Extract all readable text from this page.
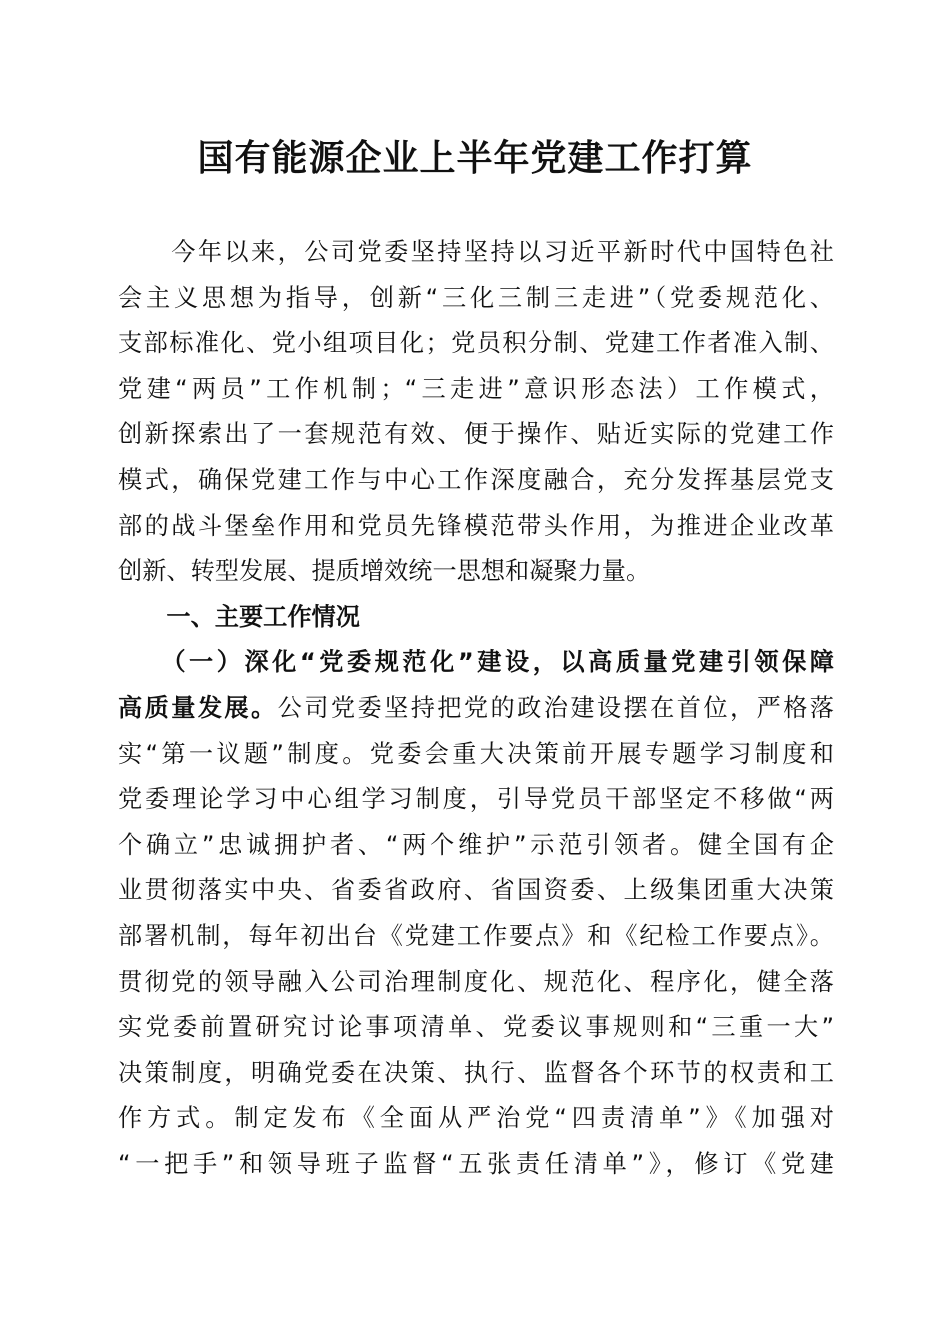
国有能源企业上半年党建工作打算
　　今年以来，公司党委坚持坚持以习近平新时代中国特色社
会主义思想为指导，创新“三化三制三走进”（党委规范化、
支部标准化、党小组项目化；党员积分制、党建工作者准入制、
党建“两员”工作机制；“三走进”意识形态法）工作模式，
创新探索出了一套规范有效、便于操作、贴近实际的党建工作
模式，确保党建工作与中心工作深度融合，充分发挥基层党支
部的战斗堡垒作用和党员先锋模范带头作用，为推进企业改革
创新、转型发展、提质增效统一思想和凝聚力量。
　　一、主要工作情况
　　（一）深化“党委规范化”建设，以高质量党建引领保障
高质量发展。公司党委坚持把党的政治建设摆在首位，严格落
实“第一议题”制度。党委会重大决策前开展专题学习制度和
党委理论学习中心组学习制度，引导党员干部坚定不移做“两
个确立”忠诚拥护者、“两个维护”示范引领者。健全国有企
业贯彻落实中央、省委省政府、省国资委、上级集团重大决策
部署机制，每年初出台《党建工作要点》和《纪检工作要点》。
贯彻党的领导融入公司治理制度化、规范化、程序化，健全落
实党委前置研究讨论事项清单、党委议事规则和“三重一大”
决策制度，明确党委在决策、执行、监督各个环节的权责和工
作方式。制定发布《全面从严治党“四责清单”》《加强对
“一把手”和领导班子监督“五张责任清单”》，修订《党建
